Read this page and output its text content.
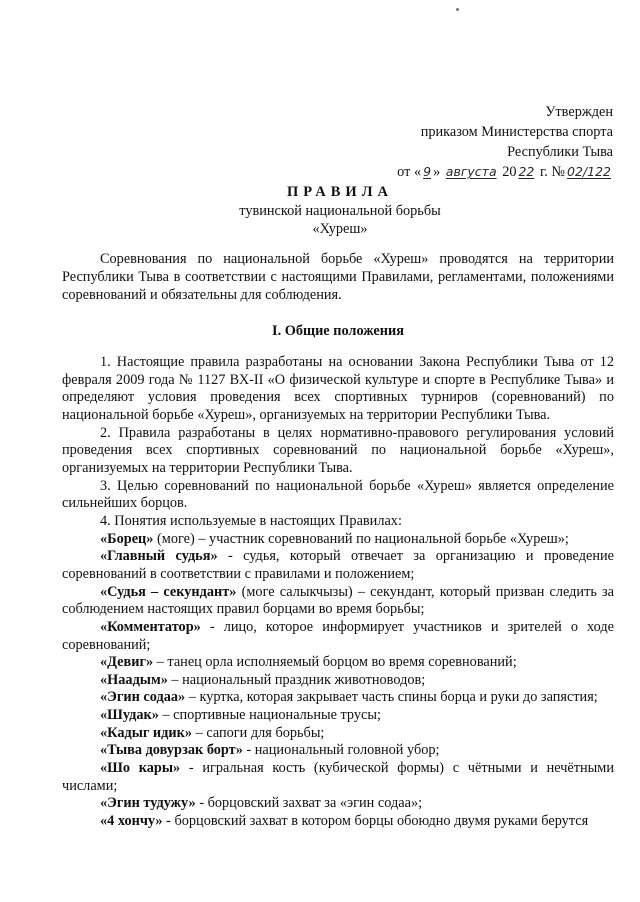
Утвержден
приказом Министерства спорта
Республики Тыва
от « 9 » августа 20 22 г. № 02/122
ПРАВИЛА
тувинской национальной борьбы
«Хуреш»
Соревнования по национальной борьбе «Хуреш» проводятся на территории Республики Тыва в соответствии с настоящими Правилами, регламентами, положениями соревнований и обязательны для соблюдения.
I. Общие положения

1. Настоящие правила разработаны на основании Закона Республики Тыва от 12 февраля 2009 года № 1127 ВХ-II «О физической культуре и спорте в Республике Тыва» и определяют условия проведения всех спортивных турниров (соревнований) по национальной борьбе «Хуреш», организуемых на территории Республики Тыва.

2. Правила разработаны в целях нормативно-правового регулирования условий проведения всех спортивных соревнований по национальной борьбе «Хуреш», организуемых на территории Республики Тыва.

3. Целью соревнований по национальной борьбе «Хуреш» является определение сильнейших борцов.

4. Понятия используемые в настоящих Правилах:

«Борец» (моге) – участник соревнований по национальной борьбе «Хуреш»;

«Главный судья» - судья, который отвечает за организацию и проведение соревнований в соответствии с правилами и положением;

«Судья – секундант» (моге салыкчызы) – секундант, который призван следить за соблюдением настоящих правил борцами во время борьбы;

«Комментатор» - лицо, которое информирует участников и зрителей о ходе соревнований;

«Девиг» – танец орла исполняемый борцом во время соревнований;

«Наадым» – национальный праздник животноводов;

«Эгин содаа» – куртка, которая закрывает часть спины борца и руки до запястия;

«Шудак» – спортивные национальные трусы;

«Кадыг идик» – сапоги для борьбы;

«Тыва довурзак борт» - национальный головной убор;

«Шо кары» - игральная кость (кубической формы) с чётными и нечётными числами;

«Эгин тудужу» - борцовский захват за «эгин содаа»;

«4 хончу» - борцовский захват в котором борцы обоюдно двумя руками берутся
